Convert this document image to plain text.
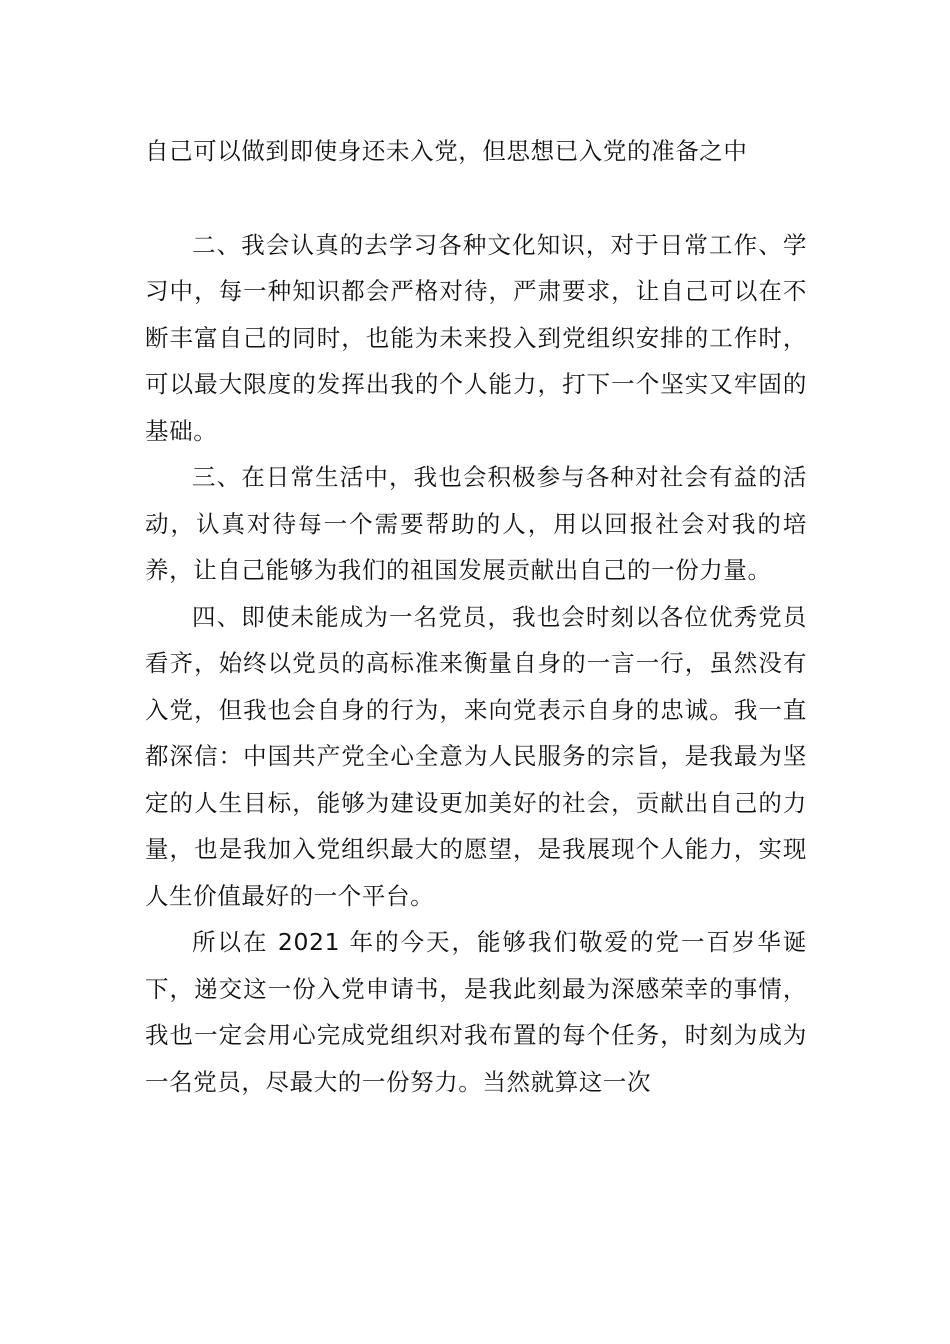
自己可以做到即使身还未入党，但思想已入党的准备之中

二、我会认真的去学习各种文化知识，对于日常工作、学习中，每一种知识都会严格对待，严肃要求，让自己可以在不断丰富自己的同时，也能为未来投入到党组织安排的工作时，可以最大限度的发挥出我的个人能力，打下一个坚实又牢固的基础。

三、在日常生活中，我也会积极参与各种对社会有益的活动，认真对待每一个需要帮助的人，用以回报社会对我的培养，让自己能够为我们的祖国发展贡献出自己的一份力量。

四、即使未能成为一名党员，我也会时刻以各位优秀党员看齐，始终以党员的高标准来衡量自身的一言一行，虽然没有入党，但我也会自身的行为，来向党表示自身的忠诚。我一直都深信：中国共产党全心全意为人民服务的宗旨，是我最为坚定的人生目标，能够为建设更加美好的社会，贡献出自己的力量，也是我加入党组织最大的愿望，是我展现个人能力，实现人生价值最好的一个平台。

所以在 2021 年的今天，能够我们敬爱的党一百岁华诞下，递交这一份入党申请书，是我此刻最为深感荣幸的事情，我也一定会用心完成党组织对我布置的每个任务，时刻为成为一名党员，尽最大的一份努力。当然就算这一次
